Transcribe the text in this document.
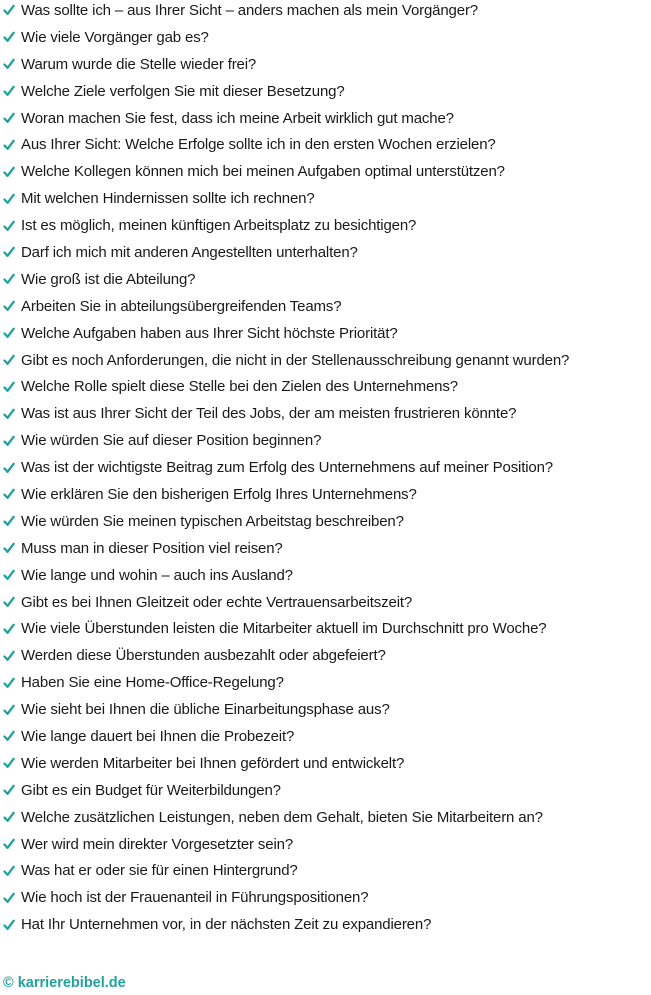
Was sollte ich – aus Ihrer Sicht – anders machen als mein Vorgänger?
Wie viele Vorgänger gab es?
Warum wurde die Stelle wieder frei?
Welche Ziele verfolgen Sie mit dieser Besetzung?
Woran machen Sie fest, dass ich meine Arbeit wirklich gut mache?
Aus Ihrer Sicht: Welche Erfolge sollte ich in den ersten Wochen erzielen?
Welche Kollegen können mich bei meinen Aufgaben optimal unterstützen?
Mit welchen Hindernissen sollte ich rechnen?
Ist es möglich, meinen künftigen Arbeitsplatz zu besichtigen?
Darf ich mich mit anderen Angestellten unterhalten?
Wie groß ist die Abteilung?
Arbeiten Sie in abteilungsübergreifenden Teams?
Welche Aufgaben haben aus Ihrer Sicht höchste Priorität?
Gibt es noch Anforderungen, die nicht in der Stellenausschreibung genannt wurden?
Welche Rolle spielt diese Stelle bei den Zielen des Unternehmens?
Was ist aus Ihrer Sicht der Teil des Jobs, der am meisten frustrieren könnte?
Wie würden Sie auf dieser Position beginnen?
Was ist der wichtigste Beitrag zum Erfolg des Unternehmens auf meiner Position?
Wie erklären Sie den bisherigen Erfolg Ihres Unternehmens?
Wie würden Sie meinen typischen Arbeitstag beschreiben?
Muss man in dieser Position viel reisen?
Wie lange und wohin – auch ins Ausland?
Gibt es bei Ihnen Gleitzeit oder echte Vertrauensarbeitszeit?
Wie viele Überstunden leisten die Mitarbeiter aktuell im Durchschnitt pro Woche?
Werden diese Überstunden ausbezahlt oder abgefeiert?
Haben Sie eine Home-Office-Regelung?
Wie sieht bei Ihnen die übliche Einarbeitungsphase aus?
Wie lange dauert bei Ihnen die Probezeit?
Wie werden Mitarbeiter bei Ihnen gefördert und entwickelt?
Gibt es ein Budget für Weiterbildungen?
Welche zusätzlichen Leistungen, neben dem Gehalt, bieten Sie Mitarbeitern an?
Wer wird mein direkter Vorgesetzter sein?
Was hat er oder sie für einen Hintergrund?
Wie hoch ist der Frauenanteil in Führungspositionen?
Hat Ihr Unternehmen vor, in der nächsten Zeit zu expandieren?
© karrierebibel.de
